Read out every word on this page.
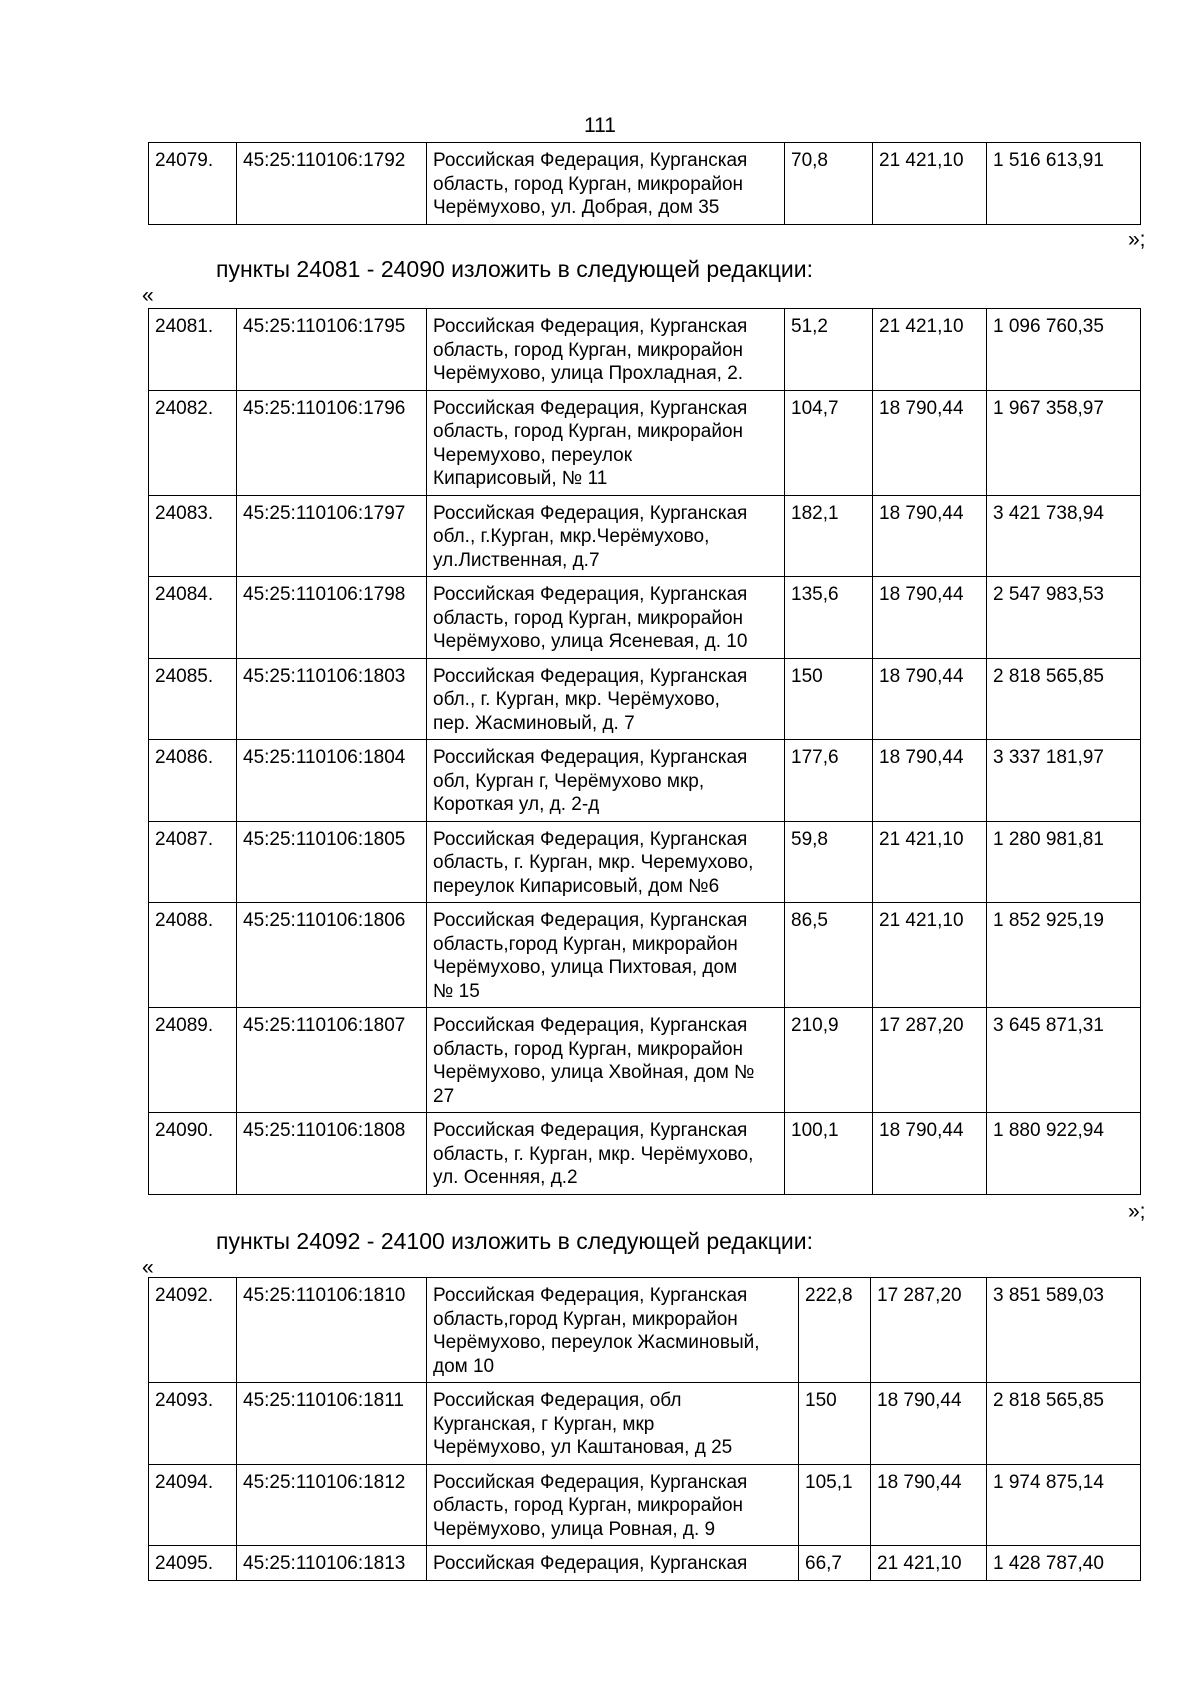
111
24079.	45:25:110106:1792	Российская Федерация, Курганская
область, город Курган, микрорайон
Черёмухово, ул. Добрая, дом 35	70,8	21 421,10	1 516 613,91
»;
пункты 24081 - 24090 изложить в следующей редакции:
«
24081.	45:25:110106:1795	Российская Федерация, Курганская
область, город Курган, микрорайон
Черёмухово, улица Прохладная, 2.	51,2	21 421,10	1 096 760,35
24082.	45:25:110106:1796	Российская Федерация, Курганская
область, город Курган, микрорайон
Черемухово, переулок
Кипарисовый, № 11	104,7	18 790,44	1 967 358,97
24083.	45:25:110106:1797	Российская Федерация, Курганская
обл., г.Курган, мкр.Черёмухово,
ул.Лиственная, д.7	182,1	18 790,44	3 421 738,94
24084.	45:25:110106:1798	Российская Федерация, Курганская
область, город Курган, микрорайон
Черёмухово, улица Ясеневая, д. 10	135,6	18 790,44	2 547 983,53
24085.	45:25:110106:1803	Российская Федерация, Курганская
обл., г. Курган, мкр. Черёмухово,
пер. Жасминовый, д. 7	150	18 790,44	2 818 565,85
24086.	45:25:110106:1804	Российская Федерация, Курганская
обл, Курган г, Черёмухово мкр,
Короткая ул, д. 2-д	177,6	18 790,44	3 337 181,97
24087.	45:25:110106:1805	Российская Федерация, Курганская
область, г. Курган, мкр. Черемухово,
переулок Кипарисовый, дом №6	59,8	21 421,10	1 280 981,81
24088.	45:25:110106:1806	Российская Федерация, Курганская
область,город Курган, микрорайон
Черёмухово, улица Пихтовая, дом
№ 15	86,5	21 421,10	1 852 925,19
24089.	45:25:110106:1807	Российская Федерация, Курганская
область, город Курган, микрорайон
Черёмухово, улица Хвойная, дом №
27	210,9	17 287,20	3 645 871,31
24090.	45:25:110106:1808	Российская Федерация, Курганская
область, г. Курган, мкр. Черёмухово,
ул. Осенняя, д.2	100,1	18 790,44	1 880 922,94
»;
пункты 24092 - 24100 изложить в следующей редакции:
«
24092.	45:25:110106:1810	Российская Федерация, Курганская
область,город Курган, микрорайон
Черёмухово, переулок Жасминовый,
дом 10	222,8	17 287,20	3 851 589,03
24093.	45:25:110106:1811	Российская Федерация, обл
Курганская, г Курган, мкр
Черёмухово, ул Каштановая, д 25	150	18 790,44	2 818 565,85
24094.	45:25:110106:1812	Российская Федерация, Курганская
область, город Курган, микрорайон
Черёмухово, улица Ровная, д. 9	105,1	18 790,44	1 974 875,14
24095.	45:25:110106:1813	Российская Федерация, Курганская	66,7	21 421,10	1 428 787,40
